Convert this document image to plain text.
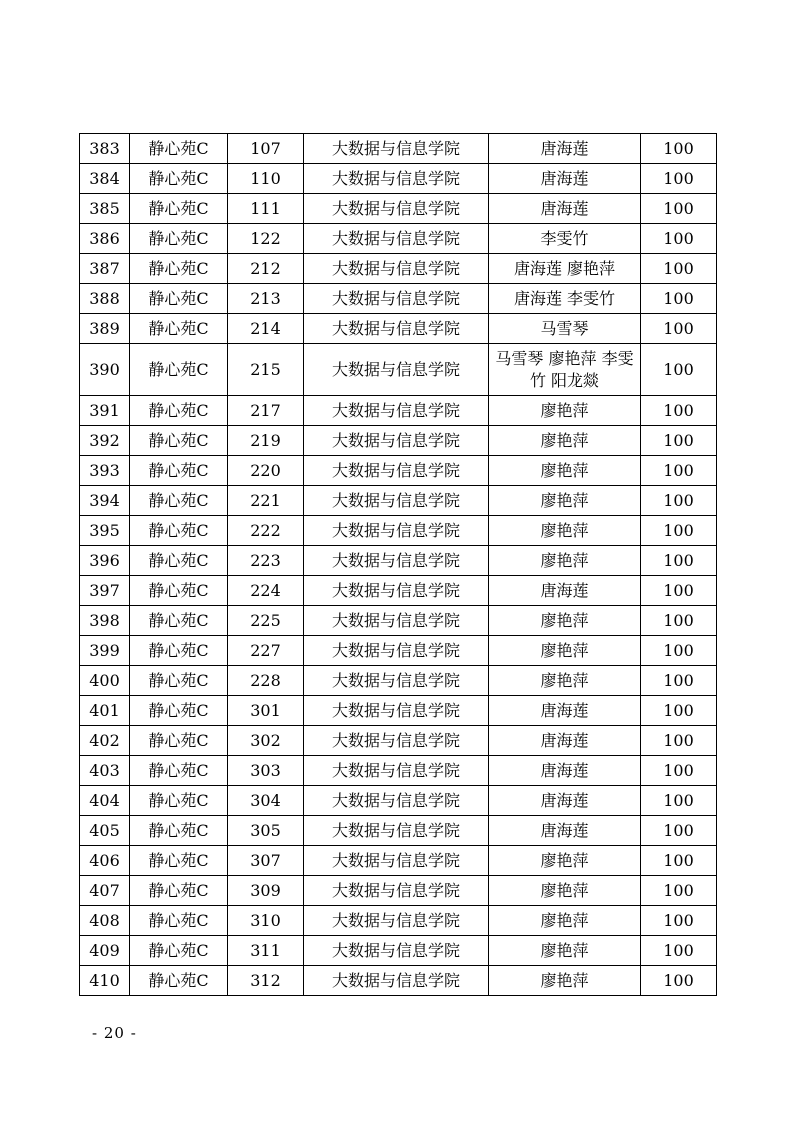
383	静心苑C	107	大数据与信息学院	唐海莲	100
384	静心苑C	110	大数据与信息学院	唐海莲	100
385	静心苑C	111	大数据与信息学院	唐海莲	100
386	静心苑C	122	大数据与信息学院	李雯竹	100
387	静心苑C	212	大数据与信息学院	唐海莲 廖艳萍	100
388	静心苑C	213	大数据与信息学院	唐海莲 李雯竹	100
389	静心苑C	214	大数据与信息学院	马雪琴	100
390	静心苑C	215	大数据与信息学院	马雪琴 廖艳萍 李雯竹 阳龙燚	100
391	静心苑C	217	大数据与信息学院	廖艳萍	100
392	静心苑C	219	大数据与信息学院	廖艳萍	100
393	静心苑C	220	大数据与信息学院	廖艳萍	100
394	静心苑C	221	大数据与信息学院	廖艳萍	100
395	静心苑C	222	大数据与信息学院	廖艳萍	100
396	静心苑C	223	大数据与信息学院	廖艳萍	100
397	静心苑C	224	大数据与信息学院	唐海莲	100
398	静心苑C	225	大数据与信息学院	廖艳萍	100
399	静心苑C	227	大数据与信息学院	廖艳萍	100
400	静心苑C	228	大数据与信息学院	廖艳萍	100
401	静心苑C	301	大数据与信息学院	唐海莲	100
402	静心苑C	302	大数据与信息学院	唐海莲	100
403	静心苑C	303	大数据与信息学院	唐海莲	100
404	静心苑C	304	大数据与信息学院	唐海莲	100
405	静心苑C	305	大数据与信息学院	唐海莲	100
406	静心苑C	307	大数据与信息学院	廖艳萍	100
407	静心苑C	309	大数据与信息学院	廖艳萍	100
408	静心苑C	310	大数据与信息学院	廖艳萍	100
409	静心苑C	311	大数据与信息学院	廖艳萍	100
410	静心苑C	312	大数据与信息学院	廖艳萍	100
- 20 -
